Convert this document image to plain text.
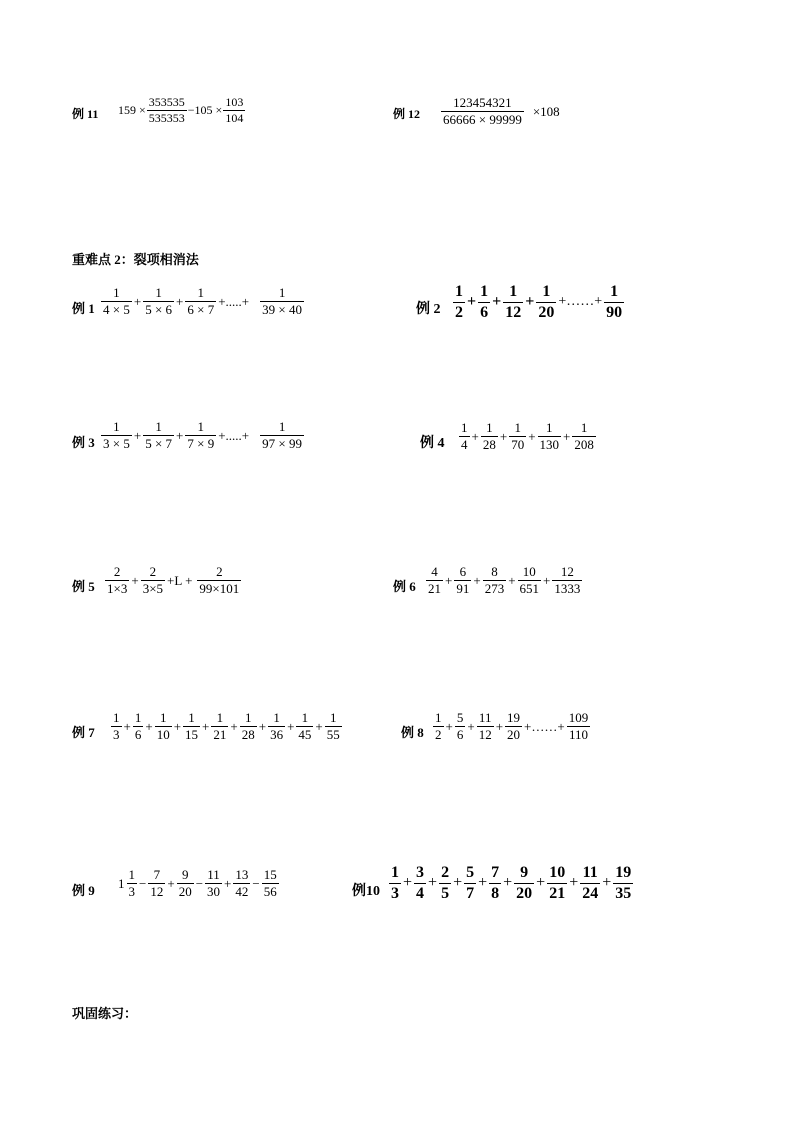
例 11 $159 \times \frac{353535}{535353} -105 \times \frac{103}{104}$	例 $12 \frac{123454321}{66666 \times 99999} \times 108$
重难点 2：裂项相消法
例 $1 \frac{1}{4 \times 5} + \frac{1}{5 \times 6} + \frac{1}{6 \times 7}$ +.....+ $\frac{1}{39 \times 40}$	例 $2 \frac{1}{2} + \frac{1}{6} + \frac{1}{12} + \frac{1}{20}$ +……+ $\frac{1}{90}$
例 $3 \frac{1}{3 \times 5} + \frac{1}{5 \times 7} + \frac{1}{7 \times 9}$ +.....+ $\frac{1}{97 \times 99}$	例 $4 \frac{1}{4} + \frac{1}{28} + \frac{1}{70} + \frac{1}{130} + \frac{1}{208}$
例 $5 \frac{2}{1\times 3} + \frac{2}{3\times 5} +L + \frac{2}{99\times 101}$	例 $6 \frac{4}{21} + \frac{6}{91} + \frac{8}{273} + \frac{10}{651} + \frac{12}{1333}$
例 $7 \frac{1}{3} + \frac{1}{6} + \frac{1}{10} + \frac{1}{15} + \frac{1}{21} + \frac{1}{28} + \frac{1}{36} + \frac{1}{45} + \frac{1}{55}$	例 $8 \frac{1}{2} + \frac{5}{6} + \frac{11}{12} + \frac{19}{20}$ +……+ $\frac{109}{110}$
例 9 $1 \frac{1}{3} - \frac{7}{12} + \frac{9}{20} - \frac{11}{30} + \frac{13}{42} - \frac{15}{56}$	例$10 \frac{1}{3} + \frac{3}{4} + \frac{2}{5} + \frac{5}{7} + \frac{7}{8} + \frac{9}{20} + \frac{10}{21} + \frac{11}{24} + \frac{19}{35}$
巩固练习：
